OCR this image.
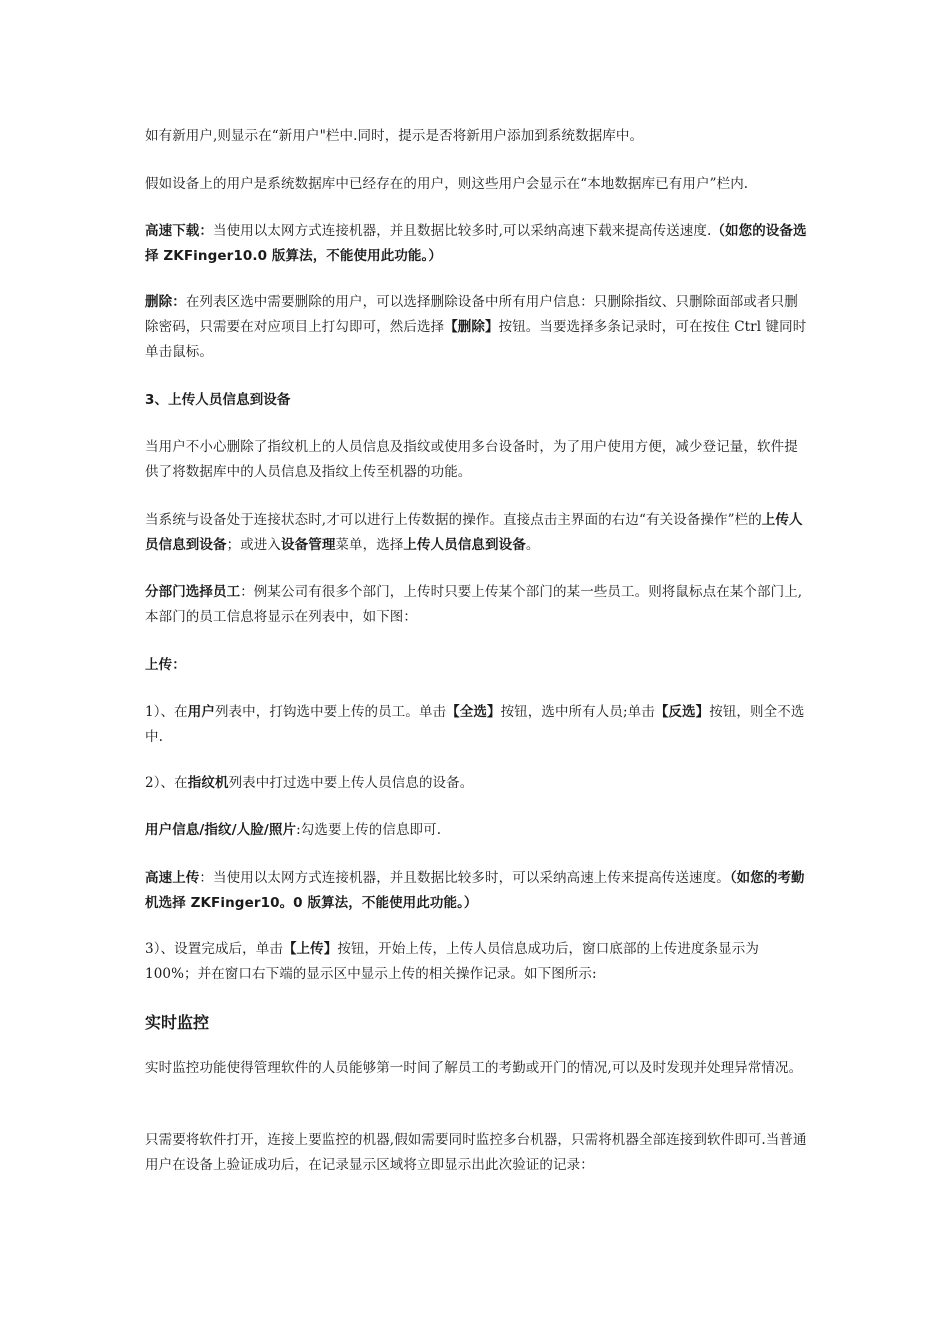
如有新用户,则显示在“新用户"栏中.同时，提示是否将新用户添加到系统数据库中。

假如设备上的用户是系统数据库中已经存在的用户，则这些用户会显示在“本地数据库已有用户”栏内.

高速下载：当使用以太网方式连接机器，并且数据比较多时,可以采纳高速下载来提高传送速度.（如您的设备选择 ZKFinger10.0 版算法，不能使用此功能。）

删除：在列表区选中需要删除的用户，可以选择删除设备中所有用户信息：只删除指纹、只删除面部或者只删除密码，只需要在对应项目上打勾即可，然后选择【删除】按钮。当要选择多条记录时，可在按住 Ctrl 键同时单击鼠标。

3、上传人员信息到设备

当用户不小心删除了指纹机上的人员信息及指纹或使用多台设备时，为了用户使用方便，减少登记量，软件提供了将数据库中的人员信息及指纹上传至机器的功能。

当系统与设备处于连接状态时,才可以进行上传数据的操作。直接点击主界面的右边“有关设备操作”栏的上传人员信息到设备；或进入设备管理菜单，选择上传人员信息到设备。

分部门选择员工：例某公司有很多个部门，上传时只要上传某个部门的某一些员工。则将鼠标点在某个部门上,本部门的员工信息将显示在列表中，如下图：

上传：

1）、在用户列表中，打钩选中要上传的员工。单击【全选】按钮，选中所有人员;单击【反选】按钮，则全不选中.

2）、在指纹机列表中打过选中要上传人员信息的设备。

用户信息/指纹/人脸/照片:勾选要上传的信息即可.

高速上传：当使用以太网方式连接机器，并且数据比较多时，可以采纳高速上传来提高传送速度。（如您的考勤机选择 ZKFinger10。0 版算法，不能使用此功能。）

3）、设置完成后，单击【上传】按钮，开始上传，上传人员信息成功后，窗口底部的上传进度条显示为 100%；并在窗口右下端的显示区中显示上传的相关操作记录。如下图所示:

实时监控

实时监控功能使得管理软件的人员能够第一时间了解员工的考勤或开门的情况,可以及时发现并处理异常情况。

只需要将软件打开，连接上要监控的机器,假如需要同时监控多台机器，只需将机器全部连接到软件即可.当普通用户在设备上验证成功后，在记录显示区域将立即显示出此次验证的记录：
